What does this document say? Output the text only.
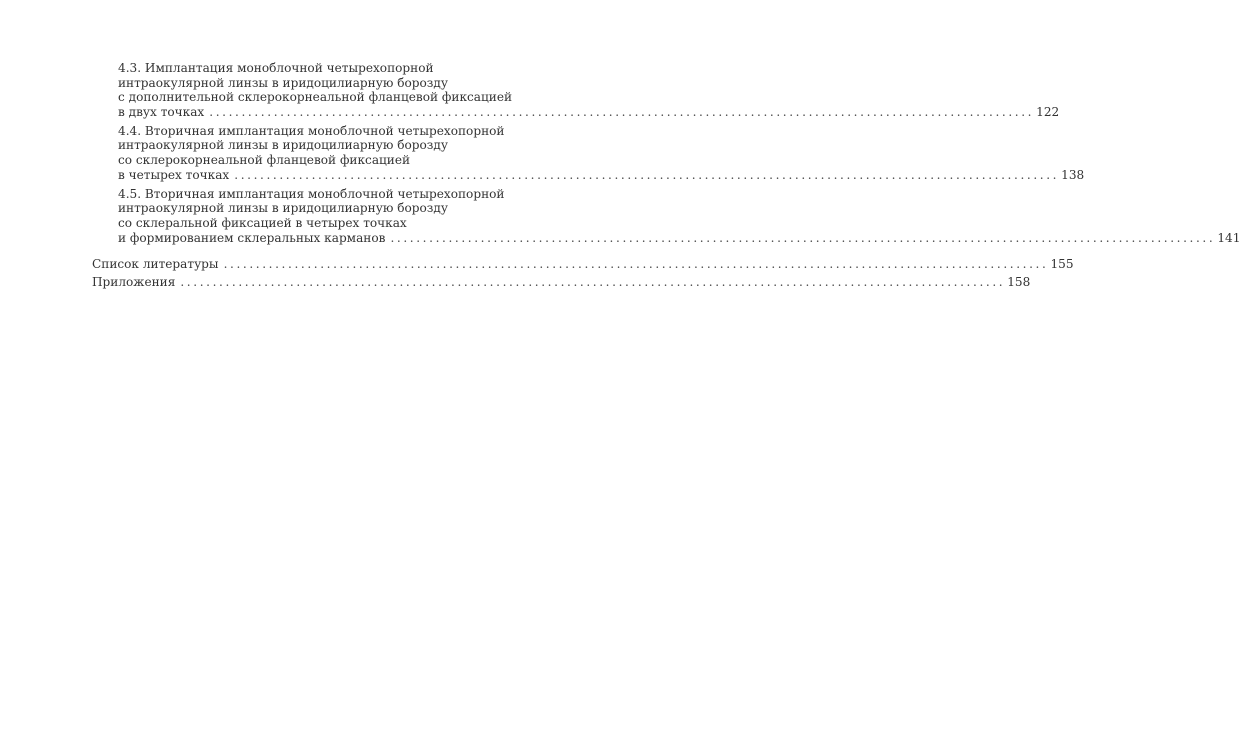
4.3. Имплантация моноблочной четырехопорной
интраокулярной линзы в иридоцилиарную борозду
с дополнительной склерокорнеальной фланцевой фиксацией
в двух точках ................................................................................................................................ 122
4.4. Вторичная имплантация моноблочной четырехопорной
интраокулярной линзы в иридоцилиарную борозду
со склерокорнеальной фланцевой фиксацией
в четырех точках ................................................................................................................................ 138
4.5. Вторичная имплантация моноблочной четырехопорной
интраокулярной линзы в иридоцилиарную борозду
со склеральной фиксацией в четырех точках
и формированием склеральных карманов ................................................................................................................................ 141
Список литературы ................................................................................................................................ 155
Приложения ................................................................................................................................ 158
